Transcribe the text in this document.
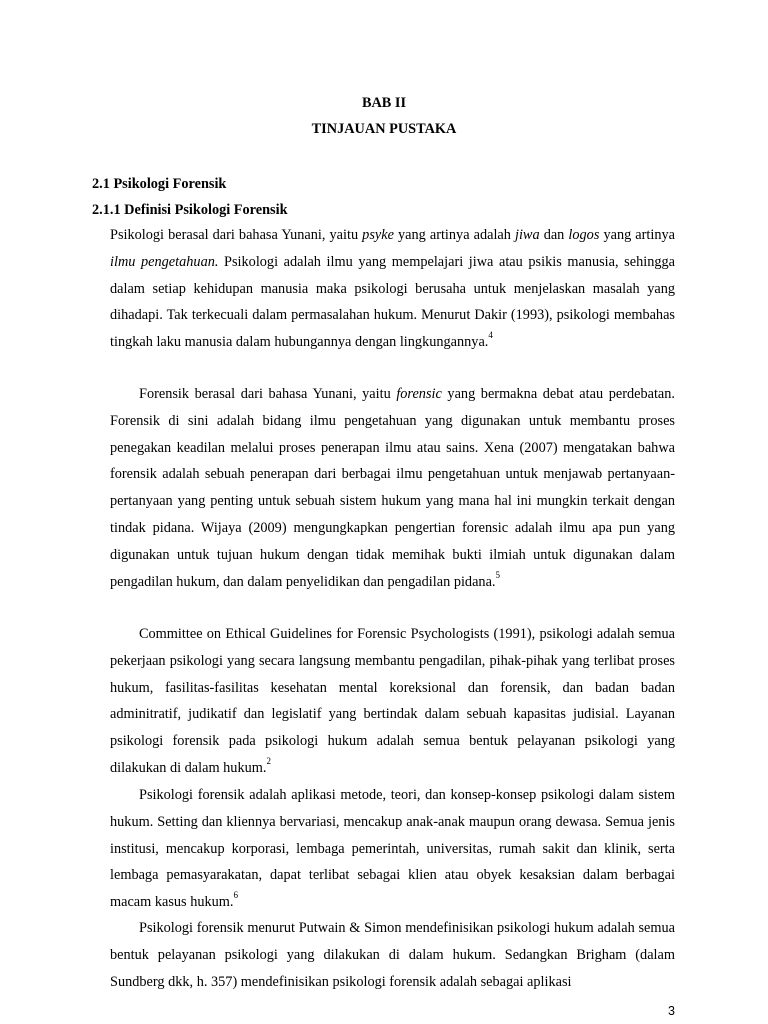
BAB II
TINJAUAN PUSTAKA
2.1 Psikologi Forensik
2.1.1 Definisi Psikologi Forensik

Psikologi berasal dari bahasa Yunani, yaitu psyke yang artinya adalah jiwa dan logos yang artinya ilmu pengetahuan. Psikologi adalah ilmu yang mempelajari jiwa atau psikis manusia, sehingga dalam setiap kehidupan manusia maka psikologi berusaha untuk menjelaskan masalah yang dihadapi. Tak terkecuali dalam permasalahan hukum. Menurut Dakir (1993), psikologi membahas tingkah laku manusia dalam hubungannya dengan lingkungannya.$^4$

Forensik berasal dari bahasa Yunani, yaitu forensic yang bermakna debat atau perdebatan. Forensik di sini adalah bidang ilmu pengetahuan yang digunakan untuk membantu proses penegakan keadilan melalui proses penerapan ilmu atau sains. Xena (2007) mengatakan bahwa forensik adalah sebuah penerapan dari berbagai ilmu pengetahuan untuk menjawab pertanyaan-pertanyaan yang penting untuk sebuah sistem hukum yang mana hal ini mungkin terkait dengan tindak pidana. Wijaya (2009) mengungkapkan pengertian forensic adalah ilmu apa pun yang digunakan untuk tujuan hukum dengan tidak memihak bukti ilmiah untuk digunakan dalam pengadilan hukum, dan dalam penyelidikan dan pengadilan pidana.$^5$

Committee on Ethical Guidelines for Forensic Psychologists (1991), psikologi adalah semua pekerjaan psikologi yang secara langsung membantu pengadilan, pihak-pihak yang terlibat proses hukum, fasilitas-fasilitas kesehatan mental koreksional dan forensik, dan badan badan adminitratif, judikatif dan legislatif yang bertindak dalam sebuah kapasitas judisial. Layanan psikologi forensik pada psikologi hukum adalah semua bentuk pelayanan psikologi yang dilakukan di dalam hukum.$^2$

Psikologi forensik adalah aplikasi metode, teori, dan konsep-konsep psikologi dalam sistem hukum. Setting dan kliennya bervariasi, mencakup anak-anak maupun orang dewasa. Semua jenis institusi, mencakup korporasi, lembaga pemerintah, universitas, rumah sakit dan klinik, serta lembaga pemasyarakatan, dapat terlibat sebagai klien atau obyek kesaksian dalam berbagai macam kasus hukum.$^6$

Psikologi forensik menurut Putwain & Simon mendefinisikan psikologi hukum adalah semua bentuk pelayanan psikologi yang dilakukan di dalam hukum. Sedangkan Brigham (dalam Sundberg dkk, h. 357) mendefinisikan psikologi forensik adalah sebagai aplikasi

3
